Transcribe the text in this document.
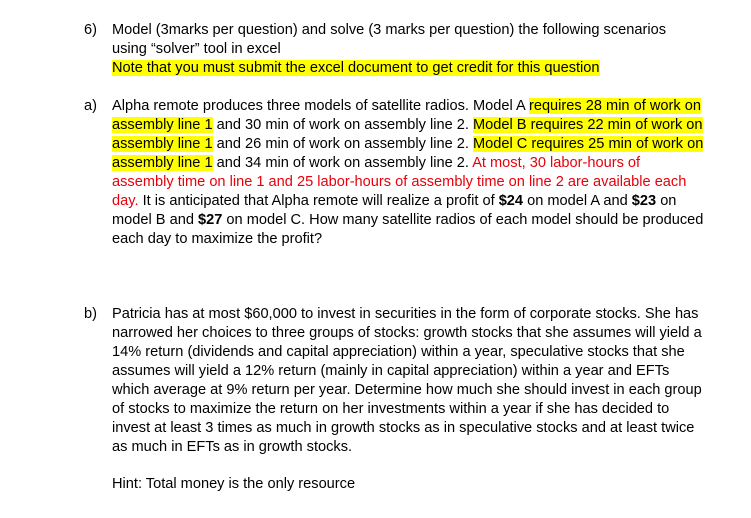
6) Model (3marks per question) and solve (3 marks per question) the following scenarios
using “solver” tool in excel
Note that you must submit the excel document to get credit for this question
a) Alpha remote produces three models of satellite radios. Model A requires 28 min of work on assembly line 1 and 30 min of work on assembly line 2. Model B requires 22 min of work on assembly line 1 and 26 min of work on assembly line 2. Model C requires 25 min of work on assembly line 1 and 34 min of work on assembly line 2. At most, 30 labor-hours of assembly time on line 1 and 25 labor-hours of assembly time on line 2 are available each day. It is anticipated that Alpha remote will realize a profit of $24 on model A and $23 on model B and $27 on model C. How many satellite radios of each model should be produced each day to maximize the profit?
b) Patricia has at most $60,000 to invest in securities in the form of corporate stocks. She has narrowed her choices to three groups of stocks: growth stocks that she assumes will yield a 14% return (dividends and capital appreciation) within a year, speculative stocks that she assumes will yield a 12% return (mainly in capital appreciation) within a year and EFTs which average at 9% return per year. Determine how much she should invest in each group of stocks to maximize the return on her investments within a year if she has decided to invest at least 3 times as much in growth stocks as in speculative stocks and at least twice as much in EFTs as in growth stocks.
Hint: Total money is the only resource
